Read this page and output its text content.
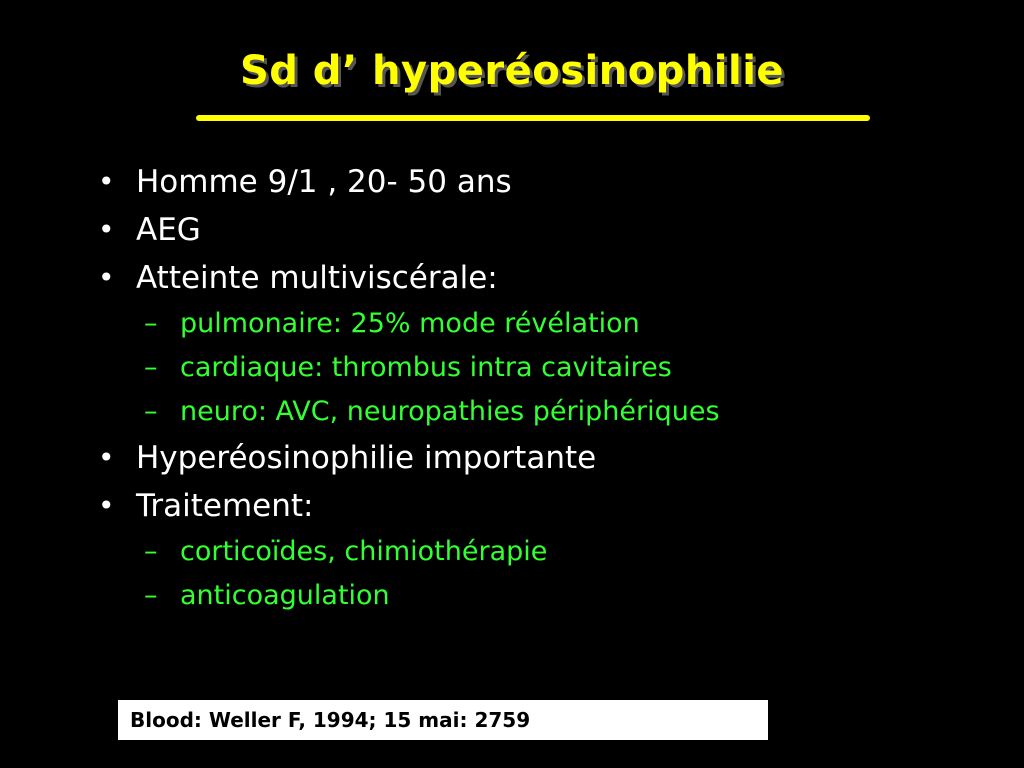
Sd d’ hyperéosinophilie
• Homme 9/1 , 20- 50 ans
• AEG
• Atteinte multiviscérale:
– pulmonaire: 25% mode révélation
– cardiaque: thrombus intra cavitaires
– neuro: AVC, neuropathies périphériques
• Hyperéosinophilie importante
• Traitement:
– corticoïdes, chimiothérapie
– anticoagulation
Blood: Weller F, 1994; 15 mai: 2759
